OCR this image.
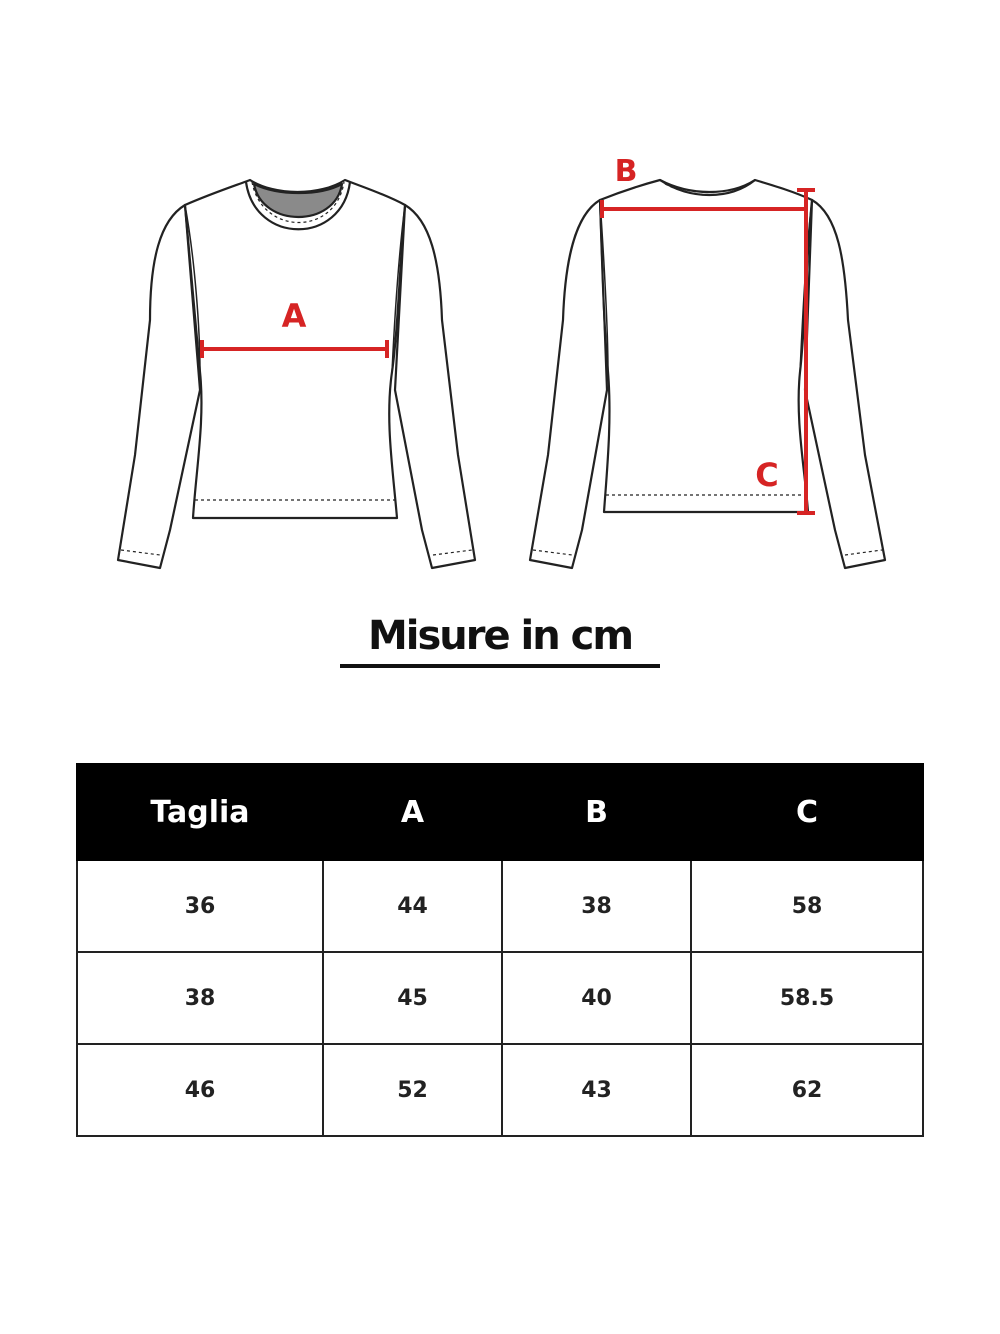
A
B
C
Misure in cm
Taglia	A	B	C
36	44	38	58
38	45	40	58.5
46	52	43	62
